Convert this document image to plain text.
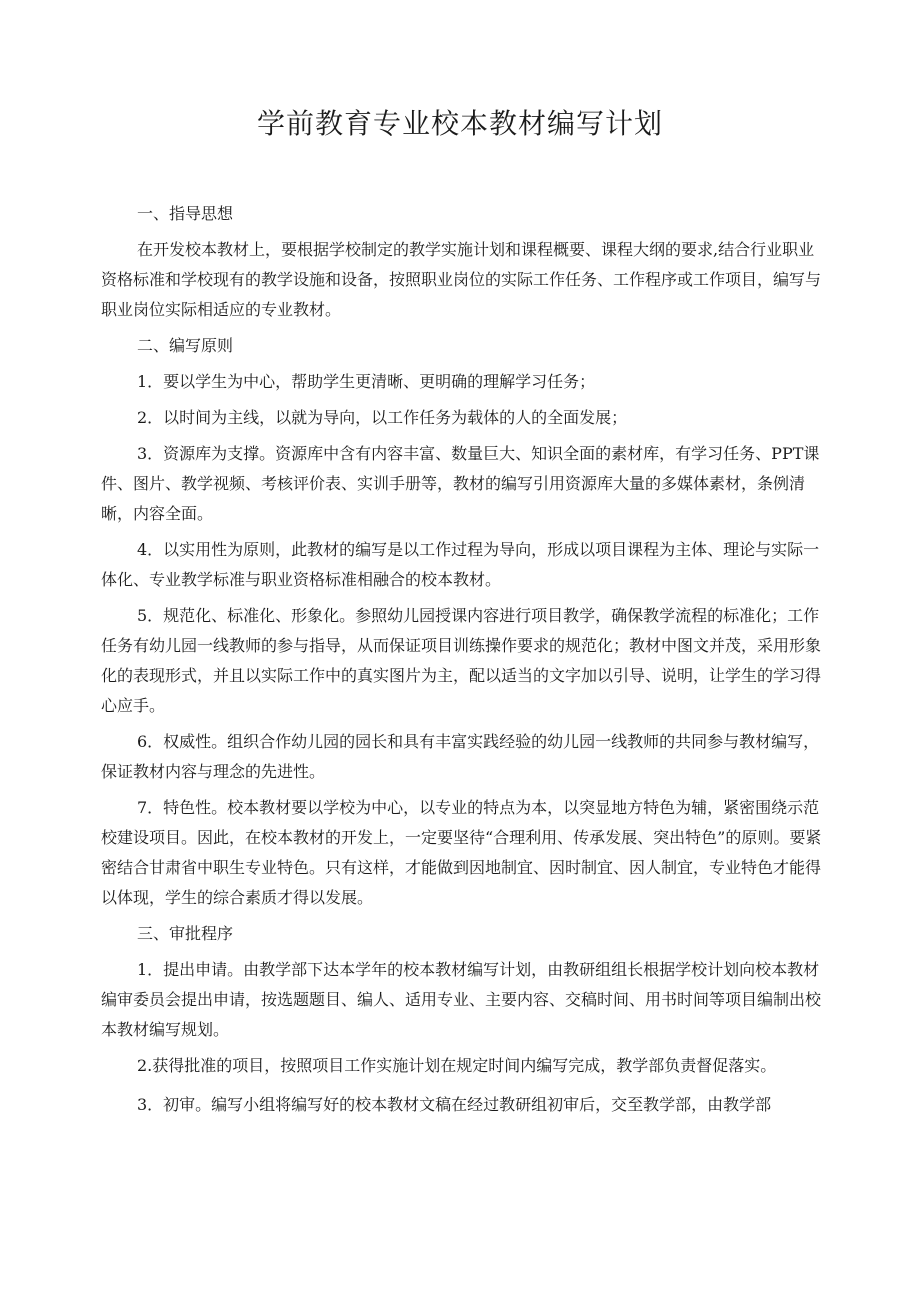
学前教育专业校本教材编写计划

一、指导思想

在开发校本教材上，要根据学校制定的教学实施计划和课程概要、课程大纲的要求,结合行业职业资格标准和学校现有的教学设施和设备，按照职业岗位的实际工作任务、工作程序或工作项目，编写与职业岗位实际相适应的专业教材。

二、编写原则

1．要以学生为中心，帮助学生更清晰、更明确的理解学习任务；

2．以时间为主线，以就为导向，以工作任务为载体的人的全面发展；

3．资源库为支撑。资源库中含有内容丰富、数量巨大、知识全面的素材库，有学习任务、PPT课件、图片、教学视频、考核评价表、实训手册等，教材的编写引用资源库大量的多媒体素材，条例清晰，内容全面。

4．以实用性为原则，此教材的编写是以工作过程为导向，形成以项目课程为主体、理论与实际一体化、专业教学标准与职业资格标准相融合的校本教材。

5．规范化、标准化、形象化。参照幼儿园授课内容进行项目教学，确保教学流程的标准化；工作任务有幼儿园一线教师的参与指导，从而保证项目训练操作要求的规范化；教材中图文并茂，采用形象化的表现形式，并且以实际工作中的真实图片为主，配以适当的文字加以引导、说明，让学生的学习得心应手。

6．权威性。组织合作幼儿园的园长和具有丰富实践经验的幼儿园一线教师的共同参与教材编写，保证教材内容与理念的先进性。

7．特色性。校本教材要以学校为中心，以专业的特点为本，以突显地方特色为辅，紧密围绕示范校建设项目。因此，在校本教材的开发上，一定要坚待“合理利用、传承发展、突出特色”的原则。要紧密结合甘肃省中职生专业特色。只有这样，才能做到因地制宜、因时制宜、因人制宜，专业特色才能得以体现，学生的综合素质才得以发展。

三、审批程序

1．提出申请。由教学部下达本学年的校本教材编写计划，由教研组组长根据学校计划向校本教材编审委员会提出申请，按选题题目、编人、适用专业、主要内容、交稿时间、用书时间等项目编制出校本教材编写规划。

2.获得批准的项目，按照项目工作实施计划在规定时间内编写完成，教学部负责督促落实。

3．初审。编写小组将编写好的校本教材文稿在经过教研组初审后，交至教学部，由教学部
